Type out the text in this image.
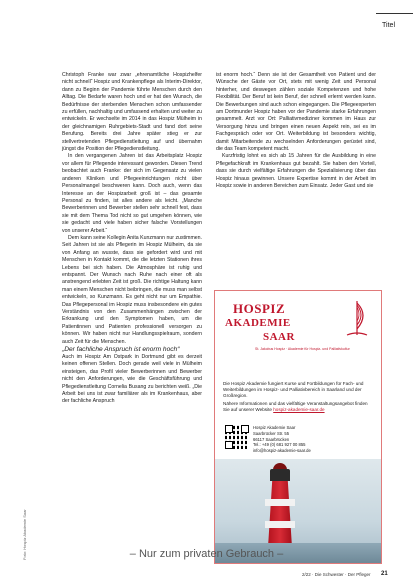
Titel

Christoph Franke war zwar „ehrenamtliche Hospizhelfer nicht schnell“ Hospiz und Krankenpflege als Interim-Direktor, dann zu Beginn der Pandemie führte Menschen durch den Alltag. Die Bedarfe waren hoch und er hat den Wunsch, die Bedürfnisse der sterbenden Menschen schon umfassender zu erfüllen, nachhaltig und umfassend erhalten und weiter zu entwickeln. Er wechselte im 2014 in das Hospiz Mülheim in der gleichnamigen Ruhrgebiets-Stadt und fand dort seine Berufung. Bereits drei Jahre später stieg er zur stellvertretenden Pflegedienstleitung auf und übernahm jüngst die Position der Pflegedienstleitung.

In den vergangenen Jahren ist das Arbeitsplatz Hospiz vor allem für Pflegende interessant geworden. Diesen Trend beobachtet auch Franke: der sich im Gegensatz zu vielen anderen Kliniken und Pflegeeinrichtungen nicht über Personalmangel beschweren kann. Doch auch, wenn das Interesse an der Hospizarbeit groß ist – das gesamte Personal zu finden, ist alles andere als leicht. „Manche Bewerberinnen und Bewerber stellen sehr schnell fest, dass sie mit dem Thema Tod nicht so gut umgehen können, wie sie gedacht und viele haben sicher falsche Vorstellungen von unserer Arbeit.“

Dem kann seine Kollegin Anita Kunzmann nur zustimmen. Seit Jahren ist sie als Pflegerin im Hospiz Mülheim, da sie von Anfang an wusste, dass sie gefordert wird und mit Menschen in Kontakt kommt, die die letzten Stationen ihres Lebens bei sich haben. Die Atmosphäre ist ruhig und entspannt. Der Wunsch nach Ruhe nach einer oft als anstrengend erlebten Zeit ist groß. Die richtige Haltung kann man einem Menschen nicht beibringen, die muss man selbst entwickeln, so Kunzmann. Es geht nicht nur um Empathie. Das Pflegepersonal im Hospiz muss insbesondere ein gutes Verständnis von den Zusammenhängen zwischen der Erkrankung und den Symptomen haben, um die Patientinnen und Patienten professionell versorgen zu können. Wir haben nicht nur Handlungsspielraum, sondern auch Zeit für die Menschen.

„Der fachliche Anspruch ist enorm hoch“

Auch im Hospiz Am Ostpark in Dortmund gibt es derzeit keinen offenen Stellen. Doch gerade weil viele in Mülheim einsteigen, das Profil vieler Bewerberinnen und Bewerber nicht den Anforderungen, wie die Geschäftsführung und Pflegedienstleitung Cornelia Busang zu berichten weiß. „Die Arbeit bei uns ist zwar familiärer als im Krankenhaus, aber der fachliche Anspruch

ist enorm hoch.“ Denn sie ist der Gesamtheit von Patient und der Wünsche der Gäste vor Ort, stets mit wenig Zeit und Personal hinterher, und deswegen zählen soziale Kompetenzen und hohe Flexibilität. Der Beruf ist kein Beruf, der schnell erlernt werden kann. Die Bewerbungen sind auch schon eingegangen. Die Pflegeexperten am Dortmunder Hospiz haben vor der Pandemie starke Erfahrungen gesammelt. Arzt vor Ort: Palliativmediziner kommen im Haus zur Versorgung hinzu und bringen einen neuen Aspekt rein, sei es im Fachgespräch oder vor Ort. Weiterbildung ist besonders wichtig, damit Mitarbeitende zu wechselnden Anforderungen gerüstet sind, die das Team kompetent macht.

Kurzfristig lohnt es sich ab 15 Jahren für die Ausbildung in eine Pflegefachkraft im Krankenhaus gut bezahlt. Sie haben den Vorteil, dass sie durch vielfältige Erfahrungen die Spezialisierung über das Hospiz hinaus gewinnen. Unsere Expertise kommt in der Arbeit im Hospiz sowie in anderen Bereichen zum Einsatz. Jeder Gast und sie

HOSPIZ
AKADEMIE
SAAR
St. Jakobus Hospiz · Akademie für Hospiz- und Palliativkultur
Die Hospiz Akademie fungiert Kurse und Fortbildungen für Fach- und Weiterbildungen im Hospiz- und Palliativbereich in Saarland und der Großregion.
Nähere Informationen und das vielfältige Veranstaltungsangebot finden Sie auf unserer Website hospiz-akademie-saar.de
Hospiz Akademie Saar
Saarbrücker Str. 55
66117 Saarbrücken
Tel.: +49 (0) 681 927 00 855
info@hospiz-akademie-saar.de
Foto: Hospiz Akademie Saar	– Nur zum privaten Gebrauch –
2/22 · Die Schwester · Der Pfleger 21
